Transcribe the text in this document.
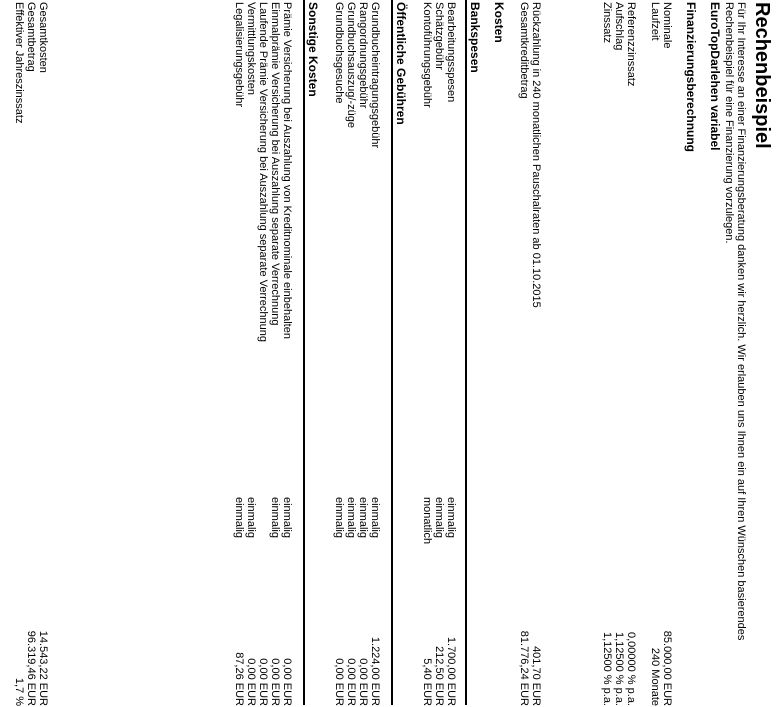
Rechenbeispiel
Für Ihr Interesse an einer Finanzierungsberatung danken wir herzlich. Wir erlauben uns Ihnen ein auf Ihren Wünschen basierendes
Rechenbeispiel für eine Finanzierung vorzulegen.
EuroTopDarlehen variabel
Finanzierungsberechnung
Nominale
85.000,00 EUR
Laufzeit
240 Monate
Referenzzinssatz
0,00000 % p.a.
Aufschlag
1,12500 % p.a.
Zinssatz
1,12500 % p.a.
Rückzahlung in 240 monatlichen Pauschalraten ab 01.10.2015
401,70 EUR
Gesamtkreditbetrag
81.776,24 EUR
Kosten
Bankspesen
Bearbeitungsspesen
einmalig
1.700,00 EUR
Schätzgebühr
einmalig
212,50 EUR
Kontoführungsgebühr
monatlich
5,40 EUR
Öffentliche Gebühren
Grundbucheintragungsgebühr
einmalig
1.224,00 EUR
Rangordnungsgebühr
einmalig
0,00 EUR
Grundbuchsauszug/-züge
einmalig
0,00 EUR
Grundbuchsgesuche
einmalig
0,00 EUR
Sonstige Kosten
Prämie Versicherung bei Auszahlung von Kreditnominale einbehalten
einmalig
0,00 EUR
Einmalprämie Versicherung bei Auszahlung separate Verrechnung
einmalig
0,00 EUR
Laufende Prämie Versicherung bei Auszahlung separate Verrechnung
0,00 EUR
Vermittlungskosten
einmalig
0,00 EUR
Legalisierungsgebühr
einmalig
87,26 EUR
Gesamtkosten
14.543,22 EUR
Gesamtbetrag
96.319,46 EUR
Effektiver Jahreszinssatz
1,7 %
